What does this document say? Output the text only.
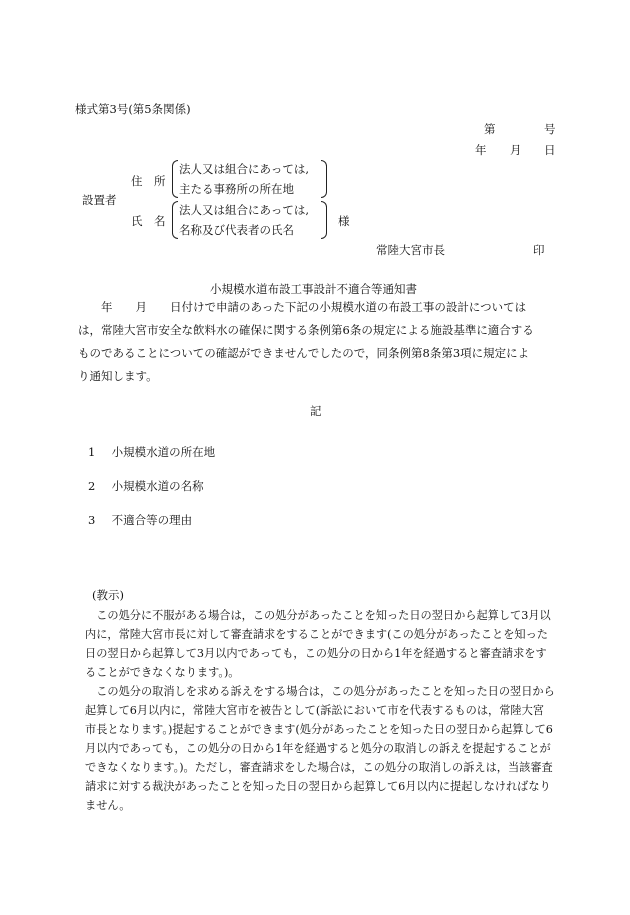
様式第3号(第5条関係)
第	号
年 月 日
設置者
住　所
法人又は組合にあっては,
主たる事務所の所在地
氏　名
法人又は組合にあっては,
名称及び代表者の氏名
様
常陸大宮市長	印
小規模水道布設工事設計不適合等通知書
　　年　　月　　日付けで申請のあった下記の小規模水道の布設工事の設計については
は，常陸大宮市安全な飲料水の確保に関する条例第6条の規定による施設基準に適合する
ものであることについての確認ができませんでしたので，同条例第8条第3項に規定によ
り通知します。
記
1 小規模水道の所在地
2 小規模水道の名称
3 不適合等の理由
(教示)

この処分に不服がある場合は，この処分があったことを知った日の翌日から起算して3月以内に，常陸大宮市長に対して審査請求をすることができます(この処分があったことを知った日の翌日から起算して3月以内であっても，この処分の日から1年を経過すると審査請求をすることができなくなります。)。

この処分の取消しを求める訴えをする場合は，この処分があったことを知った日の翌日から起算して6月以内に，常陸大宮市を被告として(訴訟において市を代表するものは，常陸大宮市長となります。)提起することができます(処分があったことを知った日の翌日から起算して6月以内であっても，この処分の日から1年を経過すると処分の取消しの訴えを提起することができなくなります。)。ただし，審査請求をした場合は，この処分の取消しの訴えは，当該審査請求に対する裁決があったことを知った日の翌日から起算して6月以内に提起しなければなりません。
